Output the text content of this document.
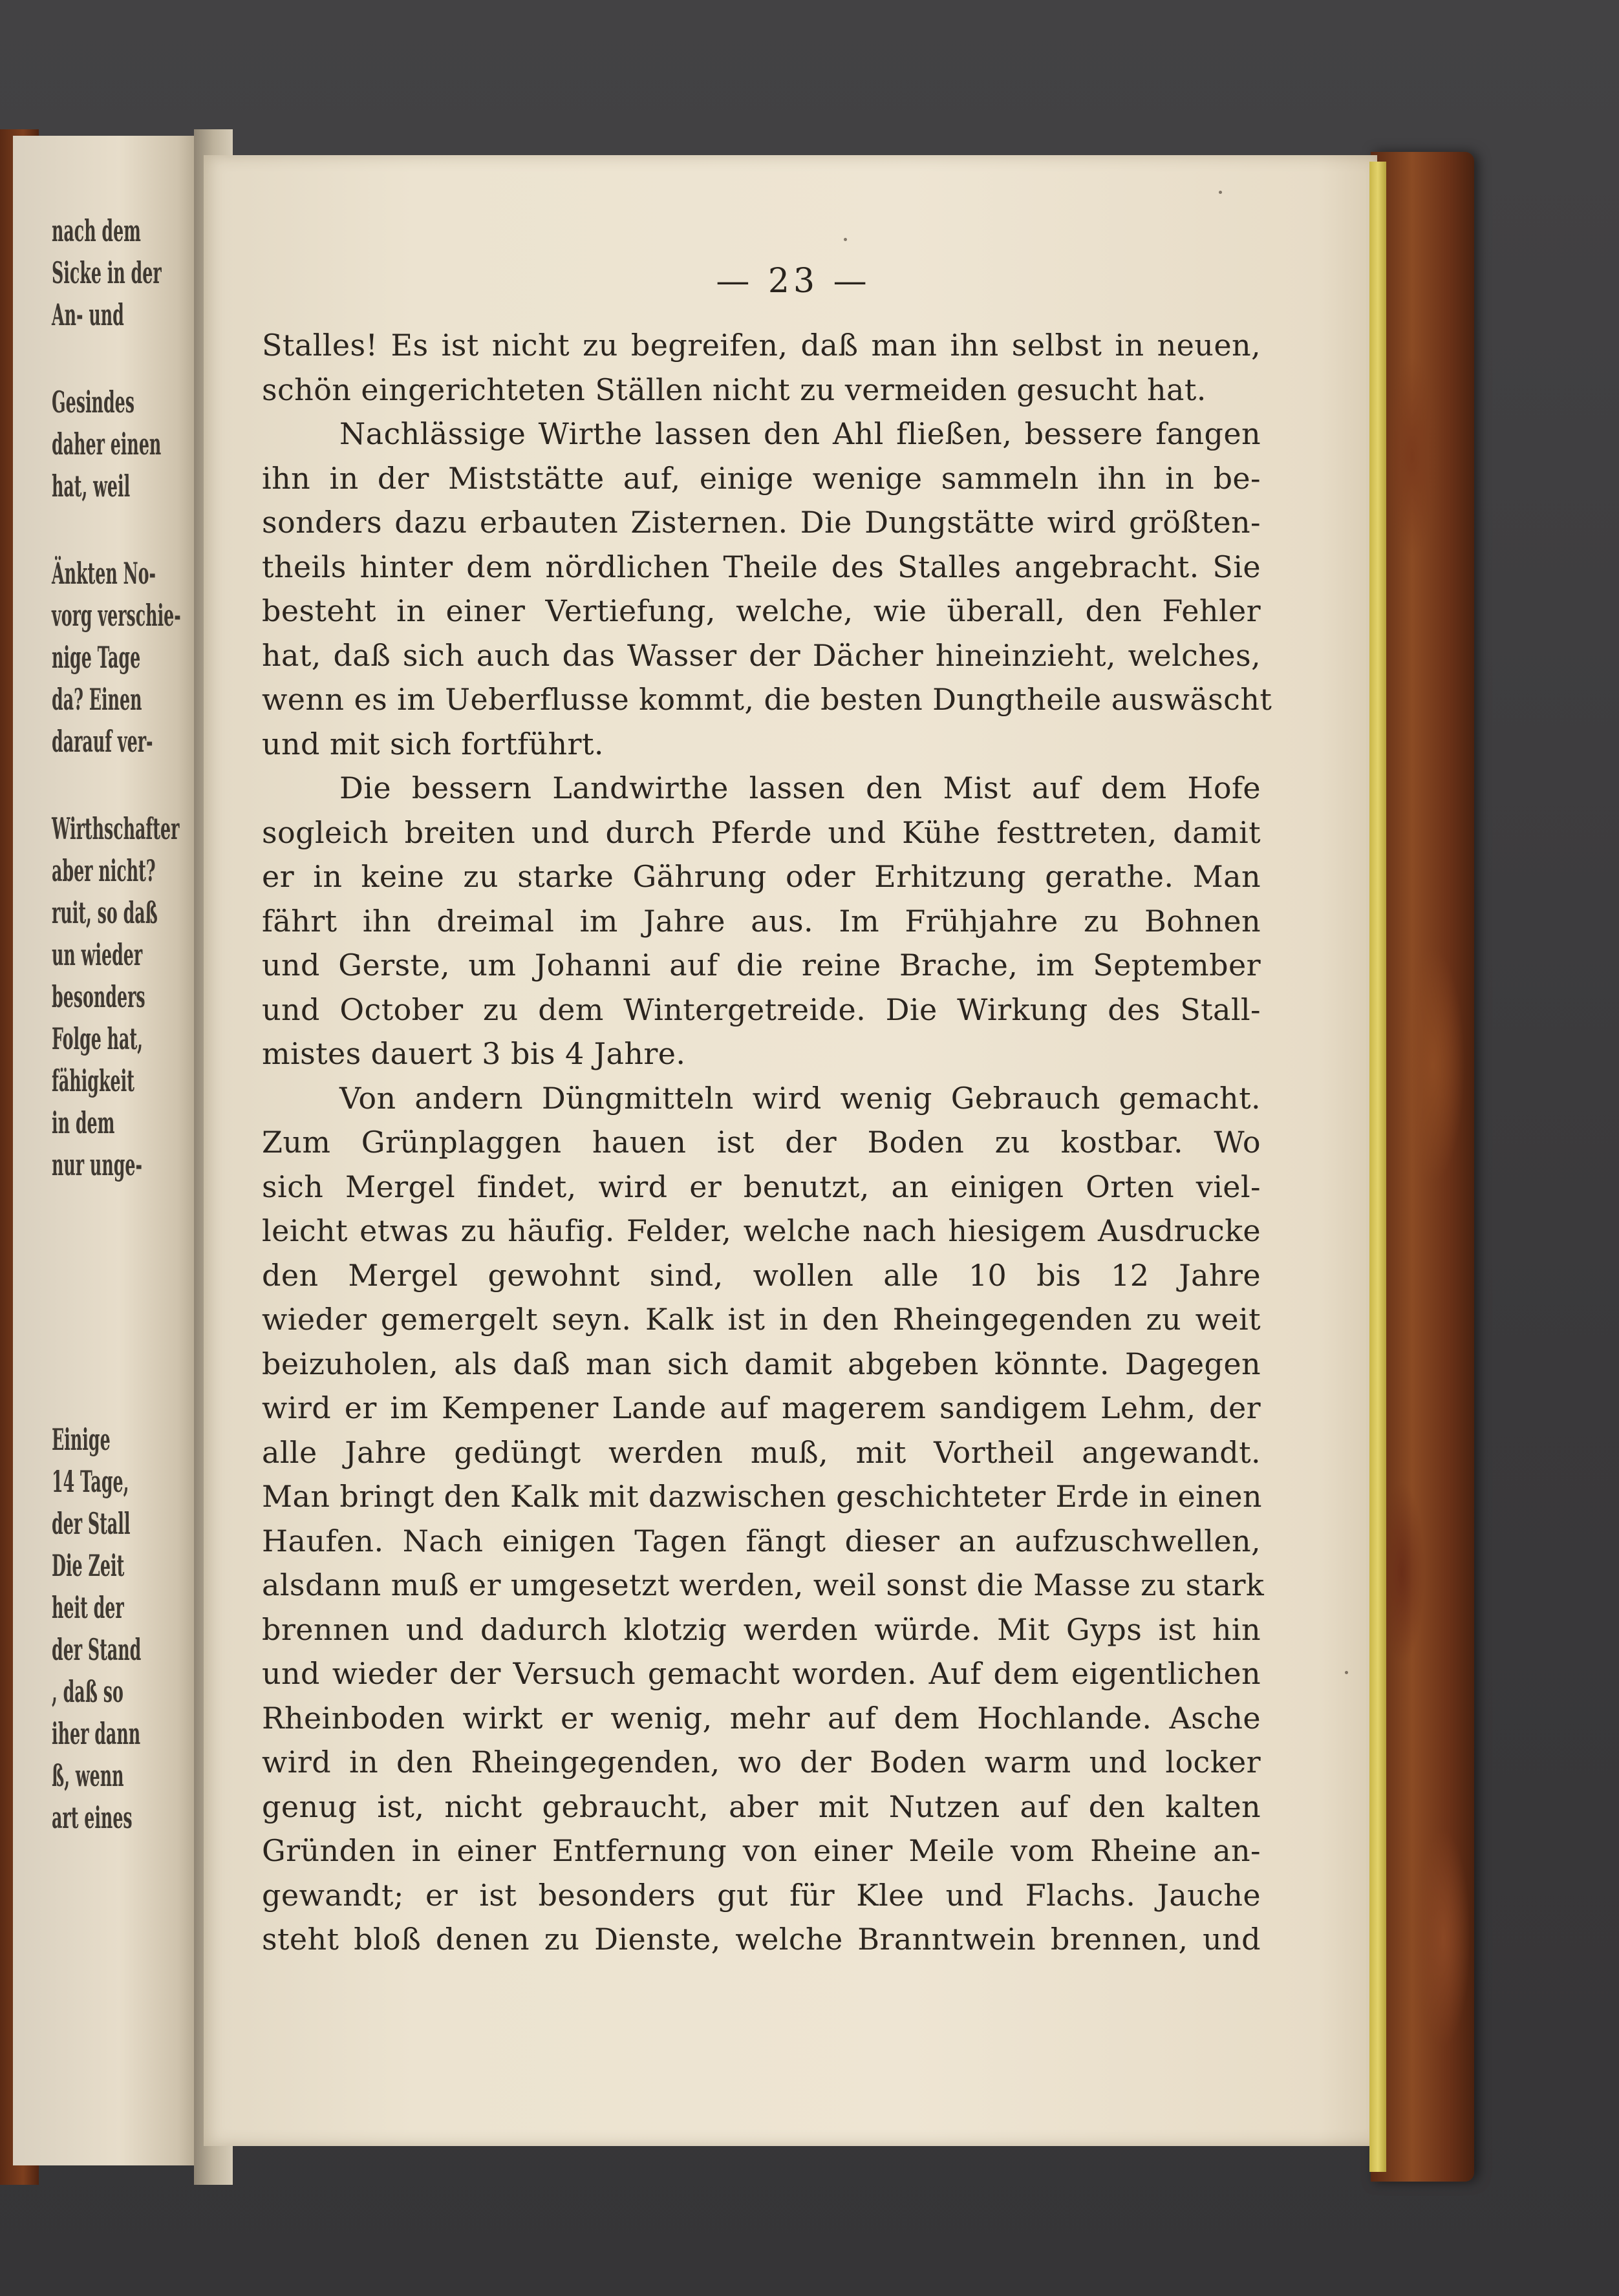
nach dem
Sicke in der
An- und
Gesindes
daher einen
hat, weil
Änkten No-
vorg verschie-
nige Tage
da? Einen
darauf ver-
Wirthschafter
aber nicht?
ruit, so daß
un wieder
besonders
Folge hat,
fähigkeit
in dem
nur unge-
Einige
14 Tage,
der Stall
Die Zeit
heit der
der Stand
, daß so
iher dann
ß, wenn
art eines
— 23 —
Stalles! Es ist nicht zu begreifen, daß man ihn selbst in neuen,
schön eingerichteten Ställen nicht zu vermeiden gesucht hat.
Nachlässige Wirthe lassen den Ahl fließen, bessere fangen
ihn in der Miststätte auf, einige wenige sammeln ihn in be-
sonders dazu erbauten Zisternen. Die Dungstätte wird größten-
theils hinter dem nördlichen Theile des Stalles angebracht. Sie
besteht in einer Vertiefung, welche, wie überall, den Fehler
hat, daß sich auch das Wasser der Dächer hineinzieht, welches,
wenn es im Ueberflusse kommt, die besten Dungtheile auswäscht
und mit sich fortführt.
Die bessern Landwirthe lassen den Mist auf dem Hofe
sogleich breiten und durch Pferde und Kühe festtreten, damit
er in keine zu starke Gährung oder Erhitzung gerathe. Man
fährt ihn dreimal im Jahre aus. Im Frühjahre zu Bohnen
und Gerste, um Johanni auf die reine Brache, im September
und October zu dem Wintergetreide. Die Wirkung des Stall-
mistes dauert 3 bis 4 Jahre.
Von andern Düngmitteln wird wenig Gebrauch gemacht.
Zum Grünplaggen hauen ist der Boden zu kostbar. Wo
sich Mergel findet, wird er benutzt, an einigen Orten viel-
leicht etwas zu häufig. Felder, welche nach hiesigem Ausdrucke
den Mergel gewohnt sind, wollen alle 10 bis 12 Jahre
wieder gemergelt seyn. Kalk ist in den Rheingegenden zu weit
beizuholen, als daß man sich damit abgeben könnte. Dagegen
wird er im Kempener Lande auf magerem sandigem Lehm, der
alle Jahre gedüngt werden muß, mit Vortheil angewandt.
Man bringt den Kalk mit dazwischen geschichteter Erde in einen
Haufen. Nach einigen Tagen fängt dieser an aufzuschwellen,
alsdann muß er umgesetzt werden, weil sonst die Masse zu stark
brennen und dadurch klotzig werden würde. Mit Gyps ist hin
und wieder der Versuch gemacht worden. Auf dem eigentlichen
Rheinboden wirkt er wenig, mehr auf dem Hochlande. Asche
wird in den Rheingegenden, wo der Boden warm und locker
genug ist, nicht gebraucht, aber mit Nutzen auf den kalten
Gründen in einer Entfernung von einer Meile vom Rheine an-
gewandt; er ist besonders gut für Klee und Flachs. Jauche
steht bloß denen zu Dienste, welche Branntwein brennen, und
